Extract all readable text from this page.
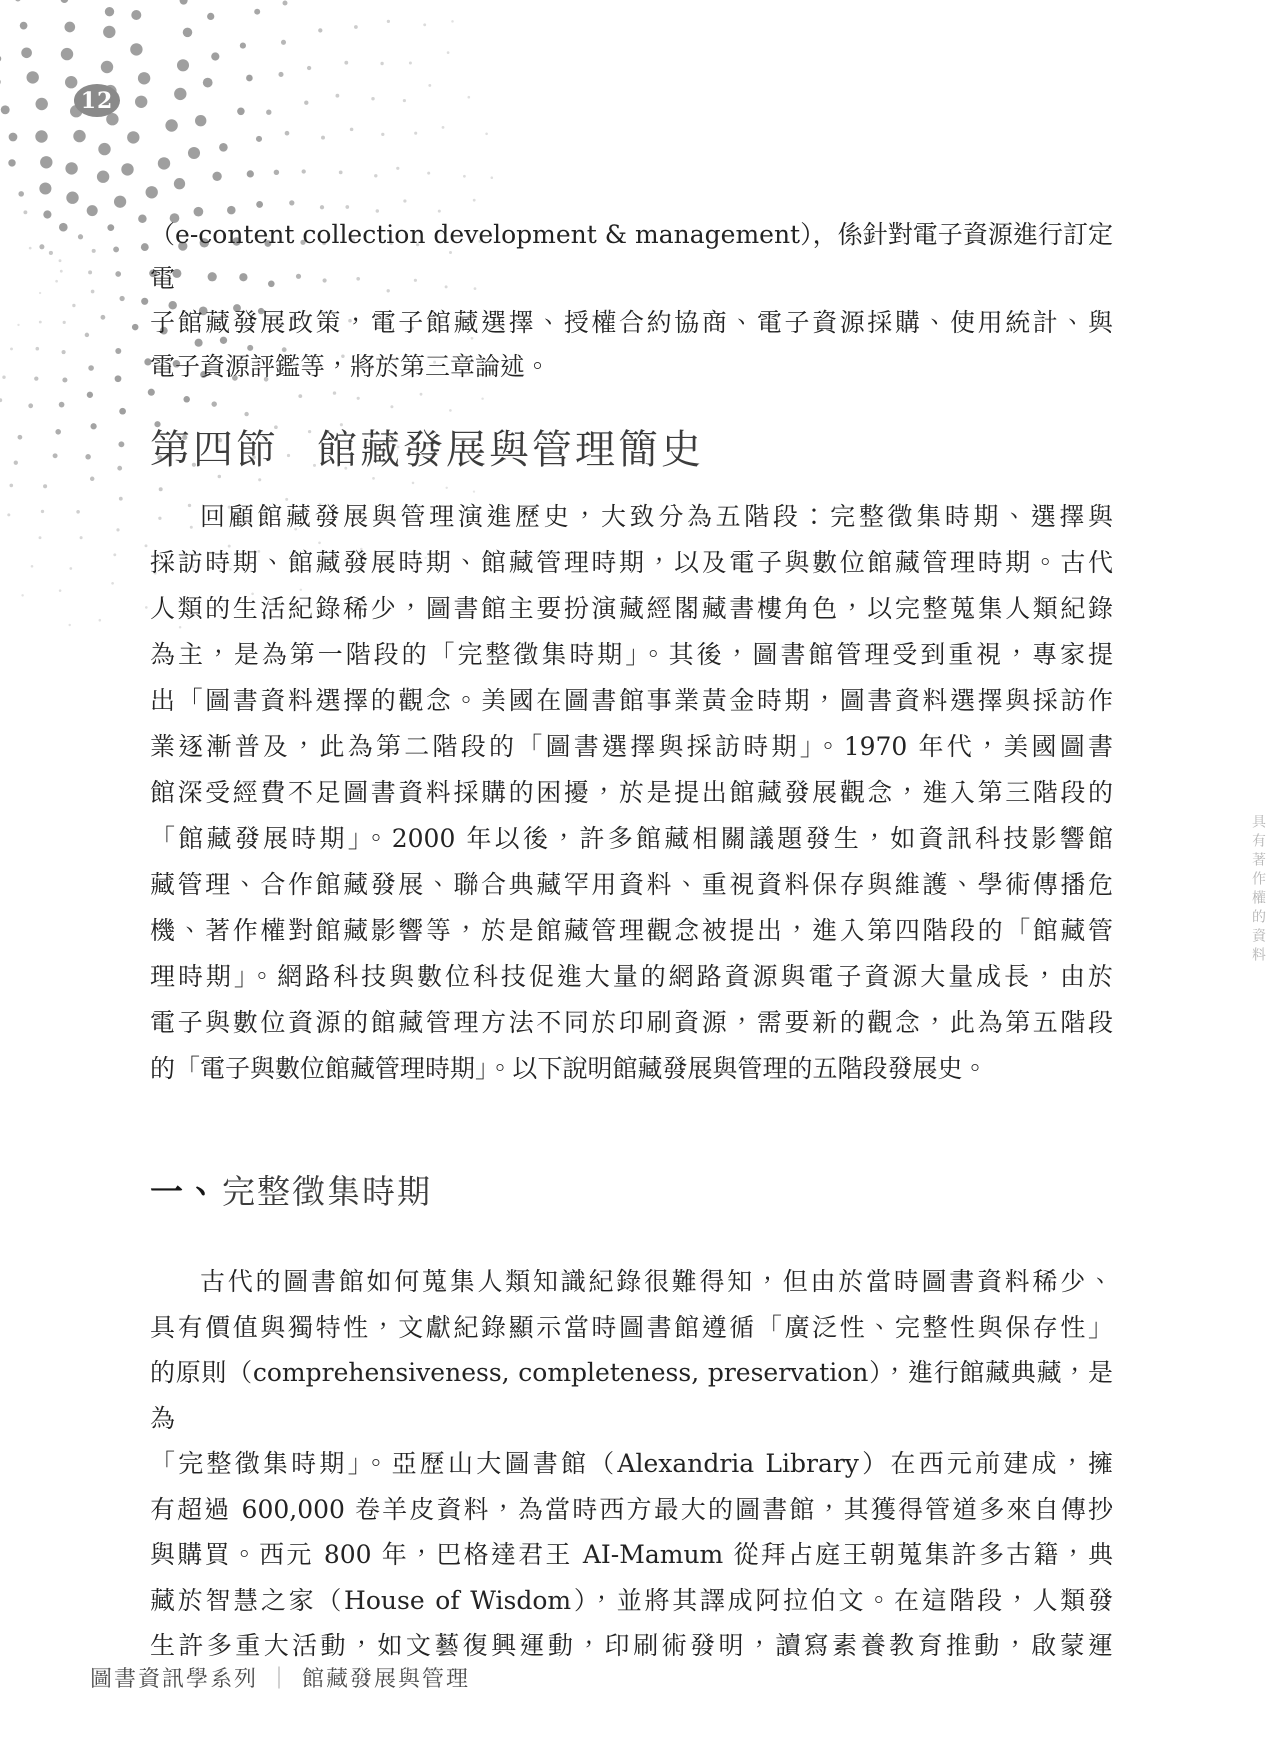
12
（e-content collection development & management），係針對電子資源進行訂定電
子館藏發展政策，電子館藏選擇、授權合約協商、電子資源採購、使用統計、與
電子資源評鑑等，將於第三章論述。
第四節 館藏發展與管理簡史
回顧館藏發展與管理演進歷史，大致分為五階段：完整徵集時期、選擇與
採訪時期、館藏發展時期、館藏管理時期，以及電子與數位館藏管理時期。古代
人類的生活紀錄稀少，圖書館主要扮演藏經閣藏書樓角色，以完整蒐集人類紀錄
為主，是為第一階段的「完整徵集時期」。其後，圖書館管理受到重視，專家提
出「圖書資料選擇的觀念。美國在圖書館事業黃金時期，圖書資料選擇與採訪作
業逐漸普及，此為第二階段的「圖書選擇與採訪時期」。1970 年代，美國圖書
館深受經費不足圖書資料採購的困擾，於是提出館藏發展觀念，進入第三階段的
「館藏發展時期」。2000 年以後，許多館藏相關議題發生，如資訊科技影響館
藏管理、合作館藏發展、聯合典藏罕用資料、重視資料保存與維護、學術傳播危
機、著作權對館藏影響等，於是館藏管理觀念被提出，進入第四階段的「館藏管
理時期」。網路科技與數位科技促進大量的網路資源與電子資源大量成長，由於
電子與數位資源的館藏管理方法不同於印刷資源，需要新的觀念，此為第五階段
的「電子與數位館藏管理時期」。以下說明館藏發展與管理的五階段發展史。
一、完整徵集時期
古代的圖書館如何蒐集人類知識紀錄很難得知，但由於當時圖書資料稀少、
具有價值與獨特性，文獻紀錄顯示當時圖書館遵循「廣泛性、完整性與保存性」
的原則（comprehensiveness, completeness, preservation），進行館藏典藏，是為
「完整徵集時期」。亞歷山大圖書館（Alexandria Library）在西元前建成，擁
有超過 600,000 卷羊皮資料，為當時西方最大的圖書館，其獲得管道多來自傳抄
與購買。西元 800 年，巴格達君王 AI-Mamum 從拜占庭王朝蒐集許多古籍，典
藏於智慧之家（House of Wisdom），並將其譯成阿拉伯文。在這階段，人類發
生許多重大活動，如文藝復興運動，印刷術發明，讀寫素養教育推動，啟蒙運
具有著作權的資料
圖書資訊學系列 ｜ 館藏發展與管理
